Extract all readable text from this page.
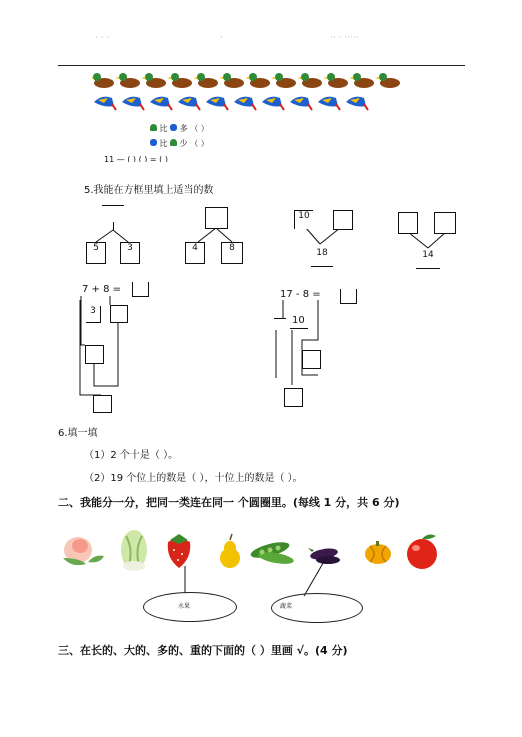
· · ·	·	·· · ·····
比 多 （ ）
比 少 （ ）
11 — ( ) ( ) = ( )
5.我能在方框里填上适当的数
5	3	4	8
10
18	14
7 + 8 =
3
17 - 8 =
10
6.填一填
（1）2 个十是（ ）。
（2）19 个位上的数是（ ），十位上的数是（ ）。
二、我能分一分，把同一类连在同一 个圆圈里。(每线 1 分，共 6 分)
水果	蔬菜
三、在长的、大的、多的、重的下面的（ ）里画 √。(4 分)
